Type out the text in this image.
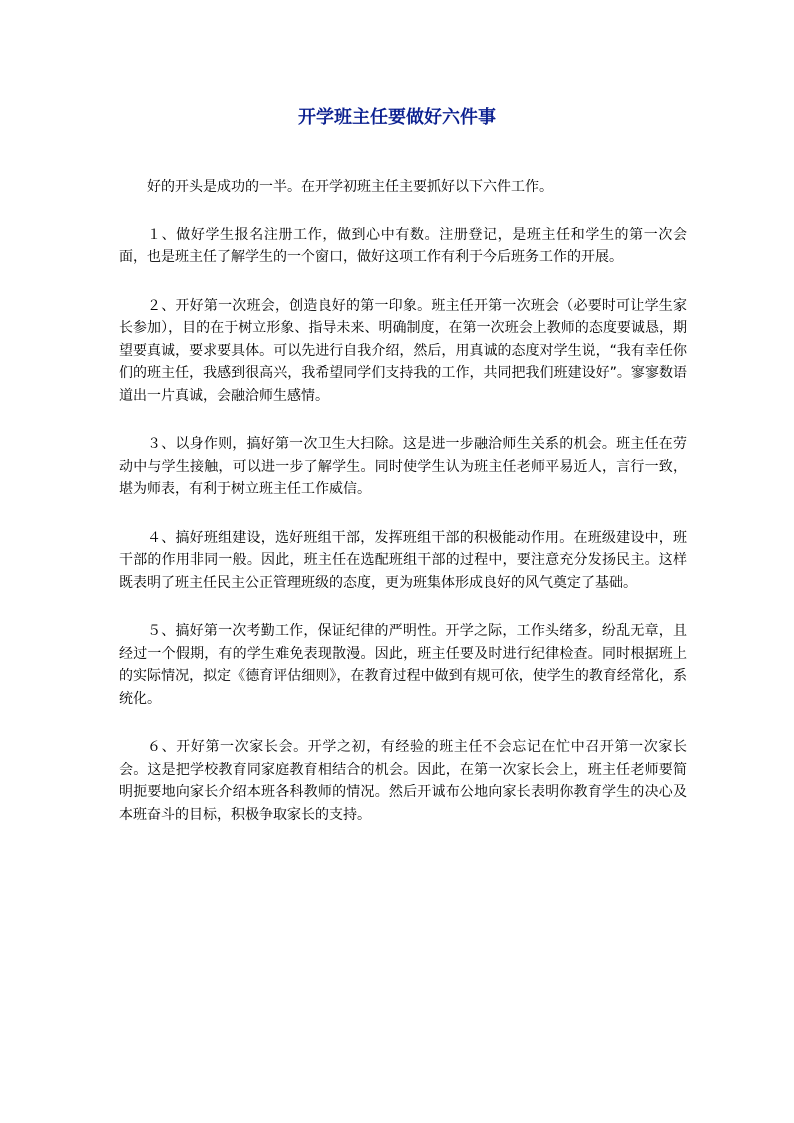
开学班主任要做好六件事

好的开头是成功的一半。在开学初班主任主要抓好以下六件工作。

１、做好学生报名注册工作，做到心中有数。注册登记，是班主任和学生的第一次会面，也是班主任了解学生的一个窗口，做好这项工作有利于今后班务工作的开展。

２、开好第一次班会，创造良好的第一印象。班主任开第一次班会（必要时可让学生家长参加），目的在于树立形象、指导未来、明确制度，在第一次班会上教师的态度要诚恳，期望要真诚，要求要具体。可以先进行自我介绍，然后，用真诚的态度对学生说，“我有幸任你们的班主任，我感到很高兴，我希望同学们支持我的工作，共同把我们班建设好”。寥寥数语道出一片真诚，会融洽师生感情。

３、以身作则，搞好第一次卫生大扫除。这是进一步融洽师生关系的机会。班主任在劳动中与学生接触，可以进一步了解学生。同时使学生认为班主任老师平易近人，言行一致，堪为师表，有利于树立班主任工作威信。

４、搞好班组建设，选好班组干部，发挥班组干部的积极能动作用。在班级建设中，班干部的作用非同一般。因此，班主任在选配班组干部的过程中，要注意充分发扬民主。这样既表明了班主任民主公正管理班级的态度，更为班集体形成良好的风气奠定了基础。

５、搞好第一次考勤工作，保证纪律的严明性。开学之际，工作头绪多，纷乱无章，且经过一个假期，有的学生难免表现散漫。因此，班主任要及时进行纪律检查。同时根据班上的实际情况，拟定《德育评估细则》，在教育过程中做到有规可依，使学生的教育经常化，系统化。

６、开好第一次家长会。开学之初，有经验的班主任不会忘记在忙中召开第一次家长会。这是把学校教育同家庭教育相结合的机会。因此，在第一次家长会上，班主任老师要简明扼要地向家长介绍本班各科教师的情况。然后开诚布公地向家长表明你教育学生的决心及本班奋斗的目标，积极争取家长的支持。
